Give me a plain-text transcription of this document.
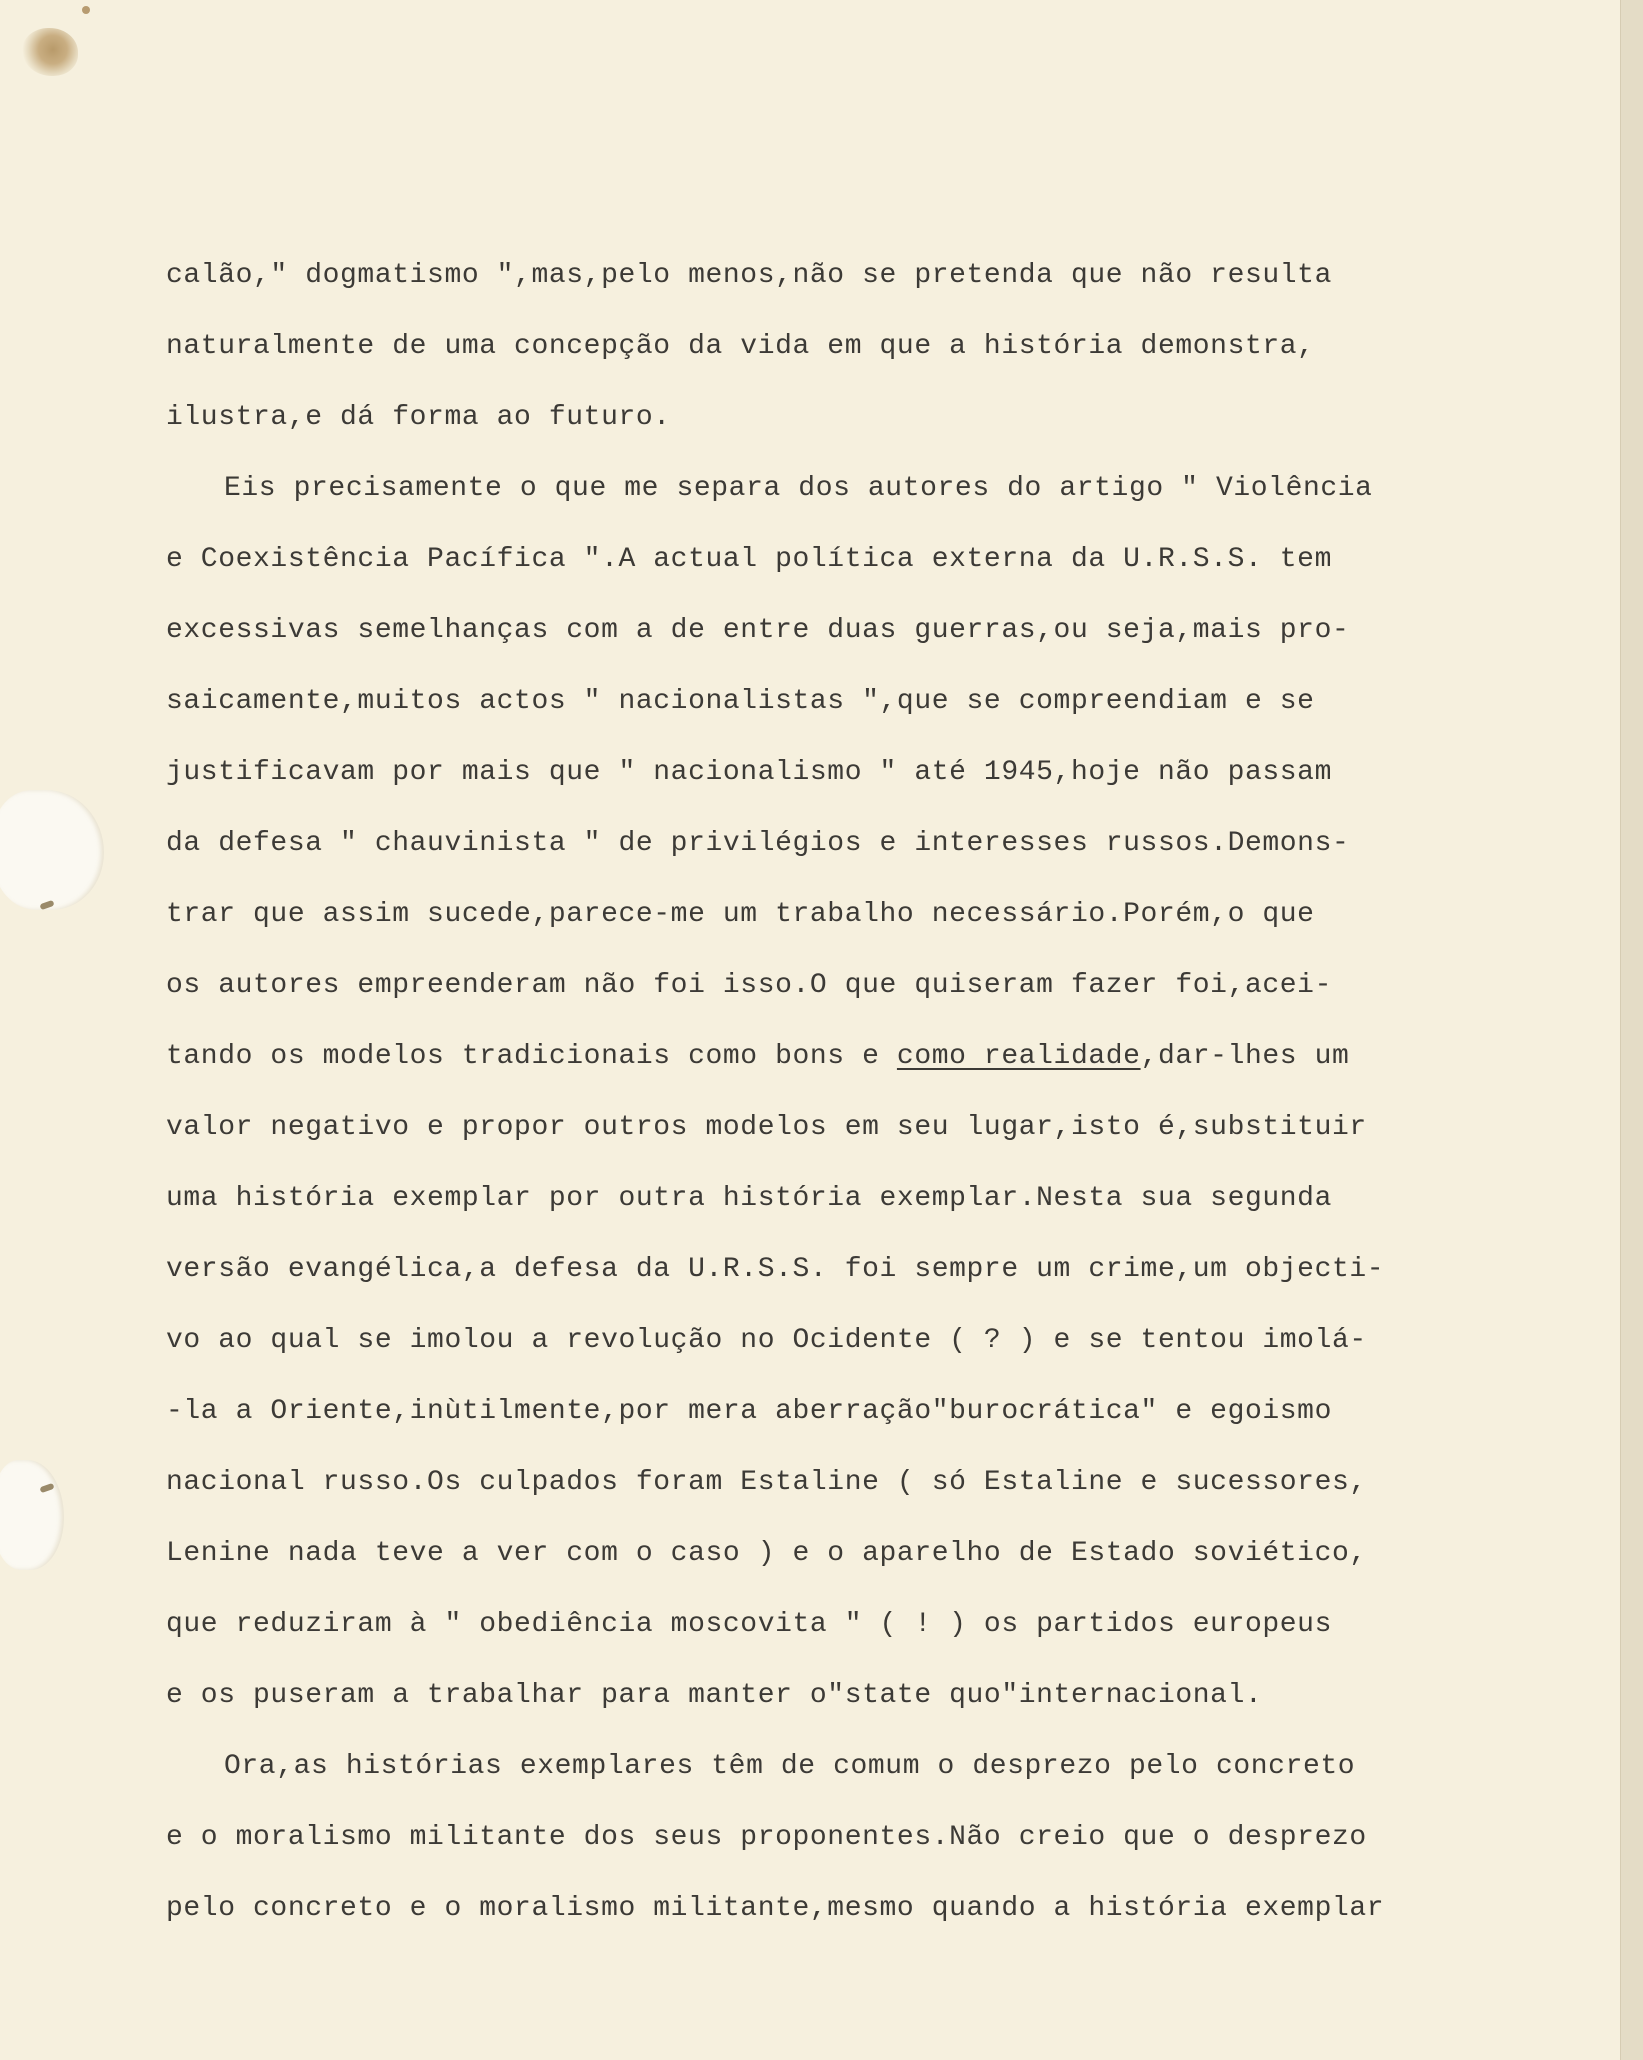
calão," dogmatismo ",mas,pelo menos,não se pretenda que não resulta
naturalmente de uma concepção da vida em que a história demonstra,
ilustra,e dá forma ao futuro.
Eis precisamente o que me separa dos autores do artigo " Violência
e Coexistência Pacífica ".A actual política externa da U.R.S.S. tem
excessivas semelhanças com a de entre duas guerras,ou seja,mais pro-
saicamente,muitos actos " nacionalistas ",que se compreendiam e se
justificavam por mais que " nacionalismo " até 1945,hoje não passam
da defesa " chauvinista " de privilégios e interesses russos.Demons-
trar que assim sucede,parece-me um trabalho necessário.Porém,o que
os autores empreenderam não foi isso.O que quiseram fazer foi,acei-
tando os modelos tradicionais como bons e como realidade,dar-lhes um
valor negativo e propor outros modelos em seu lugar,isto é,substituir
uma história exemplar por outra história exemplar.Nesta sua segunda
versão evangélica,a defesa da U.R.S.S. foi sempre um crime,um objecti-
vo ao qual se imolou a revolução no Ocidente ( ? ) e se tentou imolá-
-la a Oriente,inùtilmente,por mera aberração"burocrática" e egoismo
nacional russo.Os culpados foram Estaline ( só Estaline e sucessores,
Lenine nada teve a ver com o caso ) e o aparelho de Estado soviético,
que reduziram à " obediência moscovita " ( ! ) os partidos europeus
e os puseram a trabalhar para manter o"state quo"internacional.
Ora,as histórias exemplares têm de comum o desprezo pelo concreto
e o moralismo militante dos seus proponentes.Não creio que o desprezo
pelo concreto e o moralismo militante,mesmo quando a história exemplar
